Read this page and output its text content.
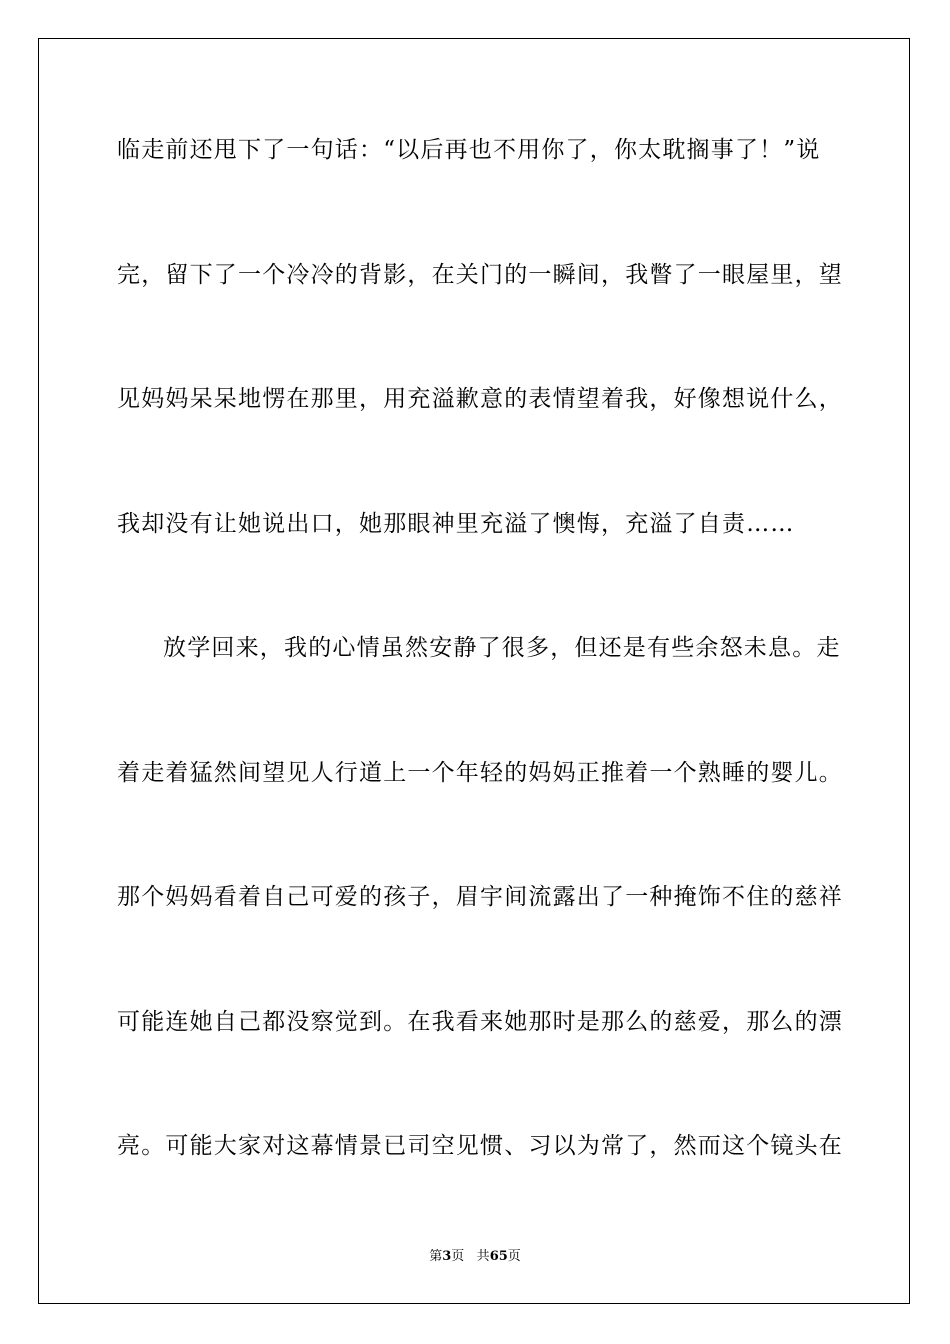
临走前还甩下了一句话：“以后再也不用你了，你太耽搁事了！”说
完，留下了一个冷冷的背影，在关门的一瞬间，我瞥了一眼屋里，望
见妈妈呆呆地愣在那里，用充溢歉意的表情望着我，好像想说什么，
我却没有让她说出口，她那眼神里充溢了懊悔，充溢了自责……
放学回来，我的心情虽然安静了很多，但还是有些余怒未息。走
着走着猛然间望见人行道上一个年轻的妈妈正推着一个熟睡的婴儿。
那个妈妈看着自己可爱的孩子，眉宇间流露出了一种掩饰不住的慈祥
可能连她自己都没察觉到。在我看来她那时是那么的慈爱，那么的漂
亮。可能大家对这幕情景已司空见惯、习以为常了，然而这个镜头在
第3页 共65页
